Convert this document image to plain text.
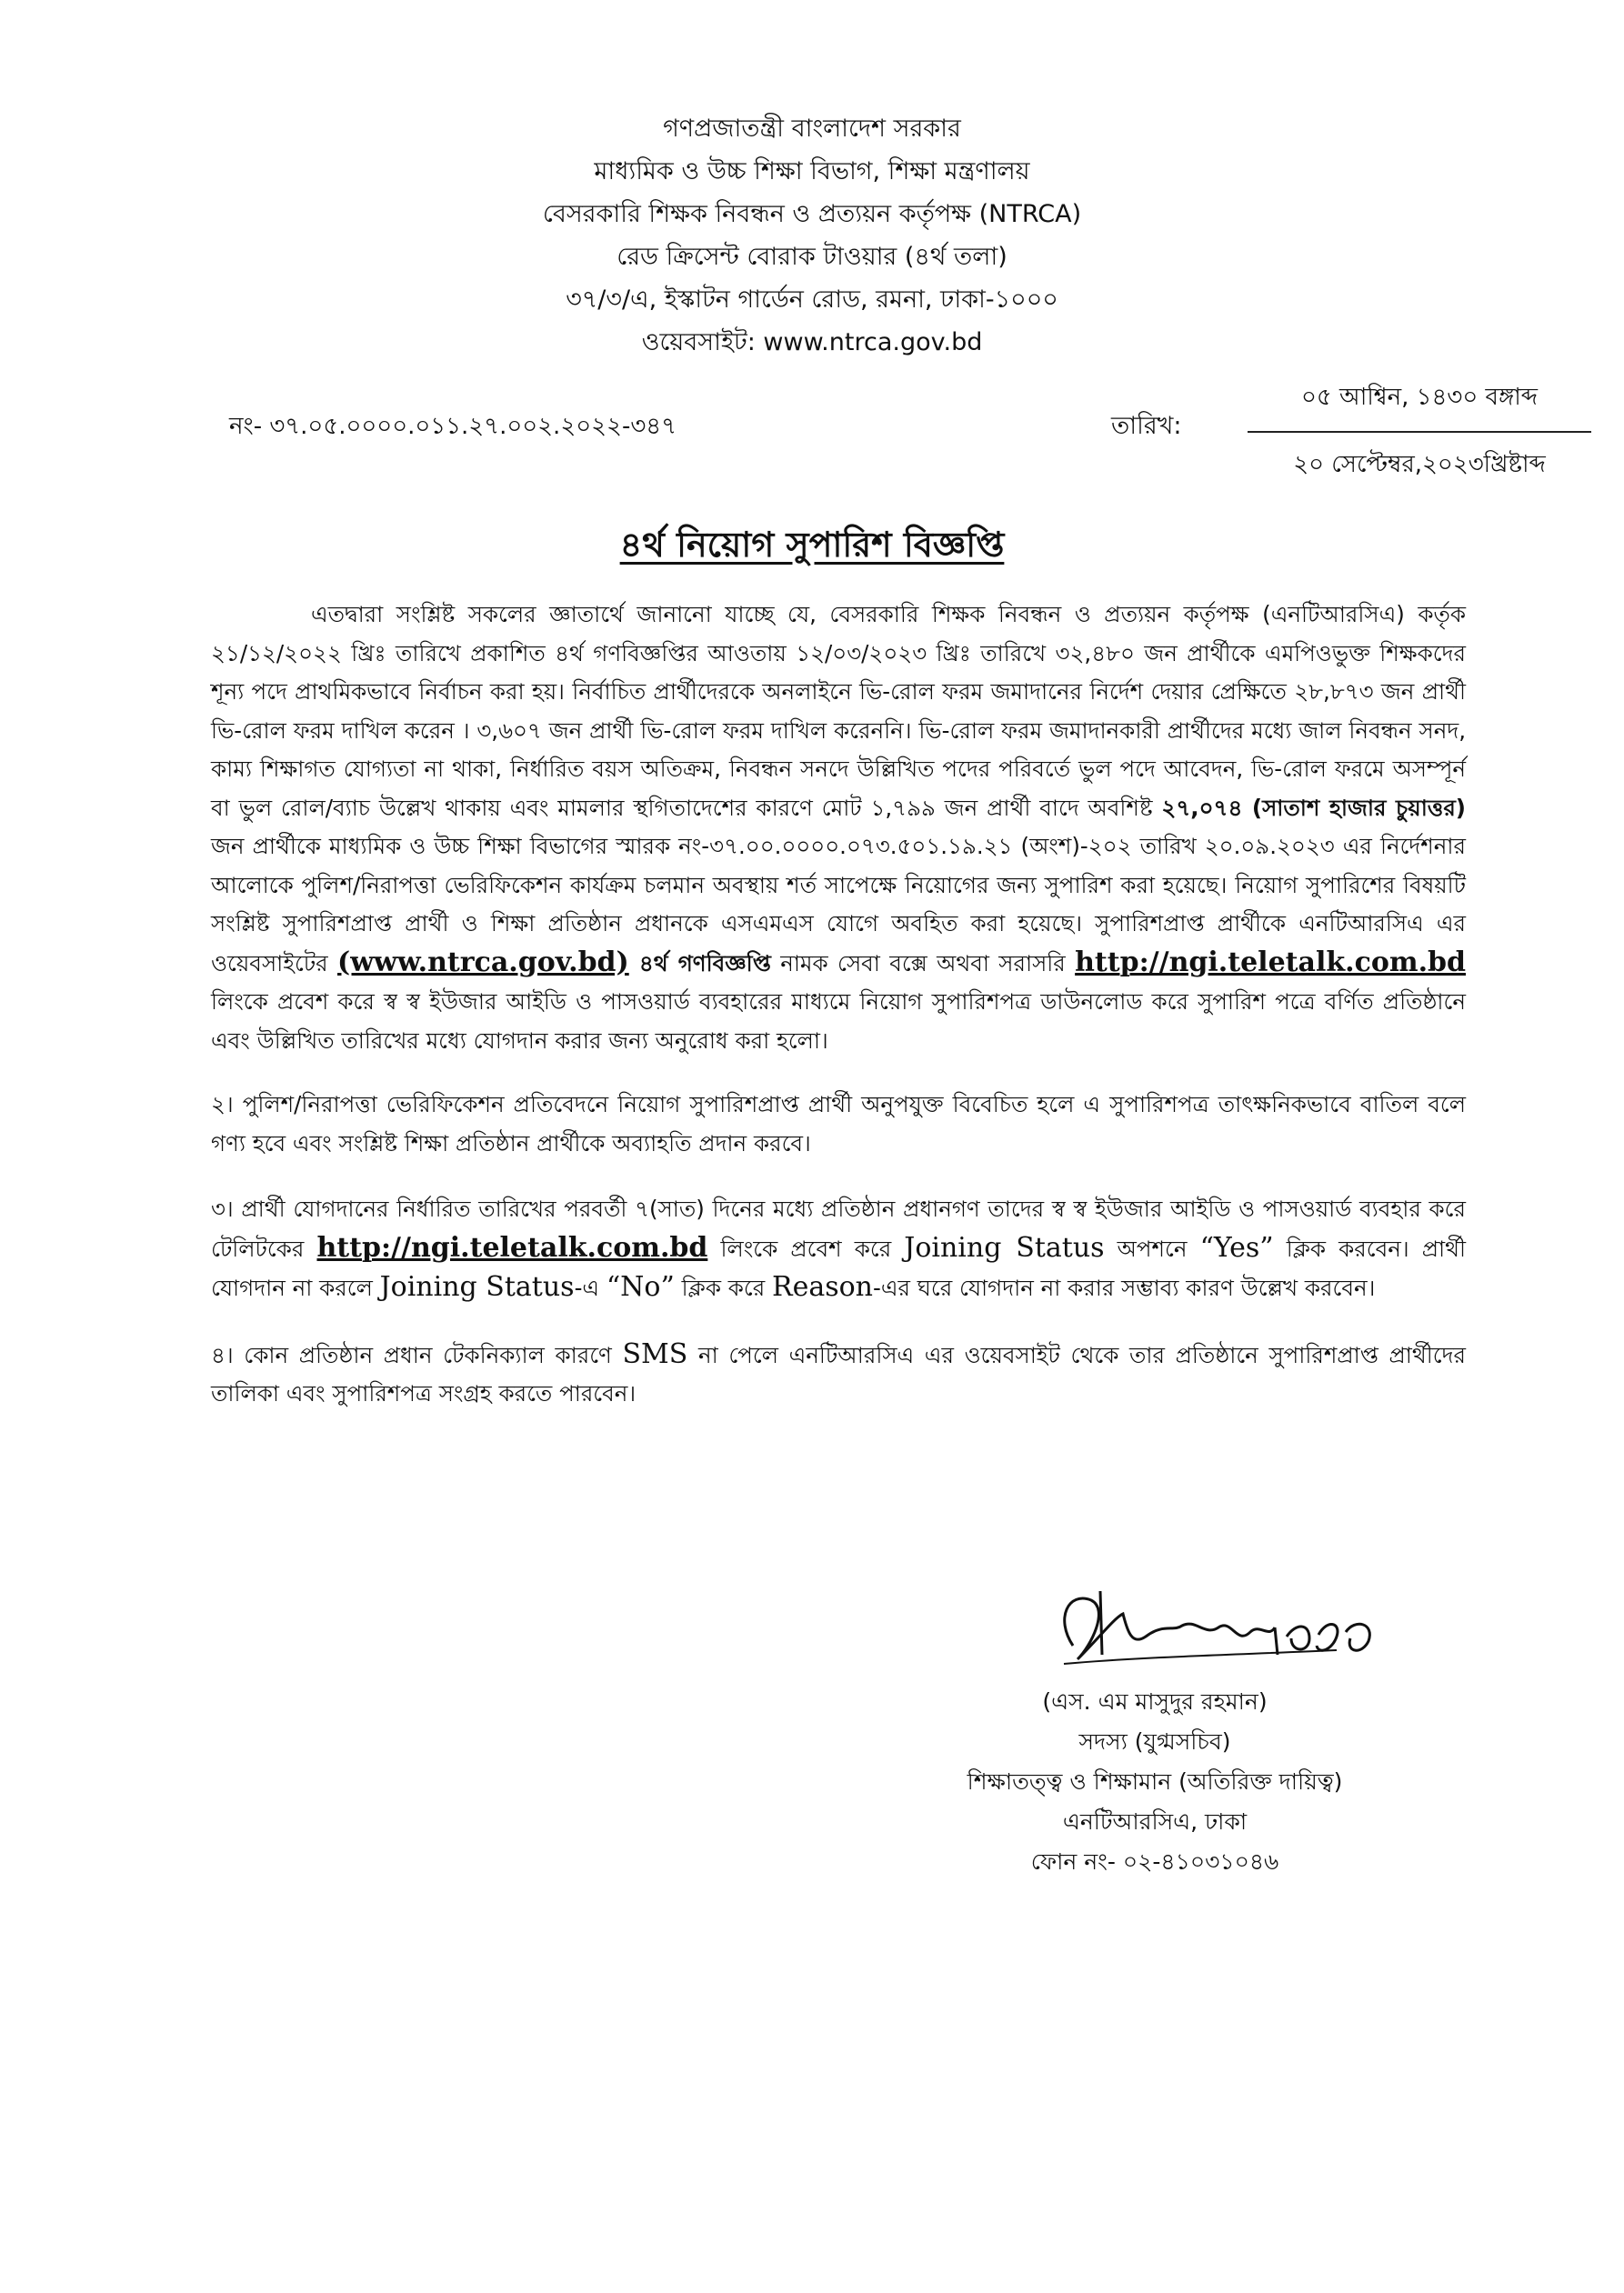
গণপ্রজাতন্ত্রী বাংলাদেশ সরকার
মাধ্যমিক ও উচ্চ শিক্ষা বিভাগ, শিক্ষা মন্ত্রণালয়
বেসরকারি শিক্ষক নিবন্ধন ও প্রত্যয়ন কর্তৃপক্ষ (NTRCA)
রেড ক্রিসেন্ট বোরাক টাওয়ার (৪র্থ তলা)
৩৭/৩/এ, ইস্কাটন গার্ডেন রোড, রমনা, ঢাকা-১০০০
ওয়েবসাইট: www.ntrca.gov.bd
নং- ৩৭.০৫.০০০০.০১১.২৭.০০২.২০২২-৩৪৭	তারিখ:
০৫ আশ্বিন, ১৪৩০ বঙ্গাব্দ
২০ সেপ্টেম্বর,২০২৩খ্রিষ্টাব্দ
৪র্থ নিয়োগ সুপারিশ বিজ্ঞপ্তি

এতদ্বারা সংশ্লিষ্ট সকলের জ্ঞাতার্থে জানানো যাচ্ছে যে, বেসরকারি শিক্ষক নিবন্ধন ও প্রত্যয়ন কর্তৃপক্ষ (এনটিআরসিএ) কর্তৃক ২১/১২/২০২২ খ্রিঃ তারিখে প্রকাশিত ৪র্থ গণবিজ্ঞপ্তির আওতায় ১২/০৩/২০২৩ খ্রিঃ তারিখে ৩২,৪৮০ জন প্রার্থীকে এমপিওভুক্ত শিক্ষকদের শূন্য পদে প্রাথমিকভাবে নির্বাচন করা হয়। নির্বাচিত প্রার্থীদেরকে অনলাইনে ভি-রোল ফরম জমাদানের নির্দেশ দেয়ার প্রেক্ষিতে ২৮,৮৭৩ জন প্রার্থী ভি-রোল ফরম দাখিল করেন । ৩,৬০৭ জন প্রার্থী ভি-রোল ফরম দাখিল করেননি। ভি-রোল ফরম জমাদানকারী প্রার্থীদের মধ্যে জাল নিবন্ধন সনদ, কাম্য শিক্ষাগত যোগ্যতা না থাকা, নির্ধারিত বয়স অতিক্রম, নিবন্ধন সনদে উল্লিখিত পদের পরিবর্তে ভুল পদে আবেদন, ভি-রোল ফরমে অসম্পূর্ন বা ভুল রোল/ব্যাচ উল্লেখ থাকায় এবং মামলার স্থগিতাদেশের কারণে মোট ১,৭৯৯ জন প্রার্থী বাদে অবশিষ্ট ২৭,০৭৪ (সাতাশ হাজার চুয়াত্তর) জন প্রার্থীকে মাধ্যমিক ও উচ্চ শিক্ষা বিভাগের স্মারক নং-৩৭.০০.০০০০.০৭৩.৫০১.১৯.২১ (অংশ)-২০২ তারিখ ২০.০৯.২০২৩ এর নির্দেশনার আলোকে পুলিশ/নিরাপত্তা ভেরিফিকেশন কার্যক্রম চলমান অবস্থায় শর্ত সাপেক্ষে নিয়োগের জন্য সুপারিশ করা হয়েছে। নিয়োগ সুপারিশের বিষয়টি সংশ্লিষ্ট সুপারিশপ্রাপ্ত প্রার্থী ও শিক্ষা প্রতিষ্ঠান প্রধানকে এসএমএস যোগে অবহিত করা হয়েছে। সুপারিশপ্রাপ্ত প্রার্থীকে এনটিআরসিএ এর ওয়েবসাইটের (www.ntrca.gov.bd) ৪র্থ গণবিজ্ঞপ্তি নামক সেবা বক্সে অথবা সরাসরি http://ngi.teletalk.com.bd লিংকে প্রবেশ করে স্ব স্ব ইউজার আইডি ও পাসওয়ার্ড ব্যবহারের মাধ্যমে নিয়োগ সুপারিশপত্র ডাউনলোড করে সুপারিশ পত্রে বর্ণিত প্রতিষ্ঠানে এবং উল্লিখিত তারিখের মধ্যে যোগদান করার জন্য অনুরোধ করা হলো।

২। পুলিশ/নিরাপত্তা ভেরিফিকেশন প্রতিবেদনে নিয়োগ সুপারিশপ্রাপ্ত প্রার্থী অনুপযুক্ত বিবেচিত হলে এ সুপারিশপত্র তাৎক্ষনিকভাবে বাতিল বলে গণ্য হবে এবং সংশ্লিষ্ট শিক্ষা প্রতিষ্ঠান প্রার্থীকে অব্যাহতি প্রদান করবে।

৩। প্রার্থী যোগদানের নির্ধারিত তারিখের পরবর্তী ৭(সাত) দিনের মধ্যে প্রতিষ্ঠান প্রধানগণ তাদের স্ব স্ব ইউজার আইডি ও পাসওয়ার্ড ব্যবহার করে টেলিটকের http://ngi.teletalk.com.bd লিংকে প্রবেশ করে Joining Status অপশনে “Yes” ক্লিক করবেন। প্রার্থী যোগদান না করলে Joining Status-এ “No” ক্লিক করে Reason-এর ঘরে যোগদান না করার সম্ভাব্য কারণ উল্লেখ করবেন।

৪। কোন প্রতিষ্ঠান প্রধান টেকনিক্যাল কারণে SMS না পেলে এনটিআরসিএ এর ওয়েবসাইট থেকে তার প্রতিষ্ঠানে সুপারিশপ্রাপ্ত প্রার্থীদের তালিকা এবং সুপারিশপত্র সংগ্রহ করতে পারবেন।

(এস. এম মাসুদুর রহমান)
সদস্য (যুগ্মসচিব)
শিক্ষাতত্ত্ব ও শিক্ষামান (অতিরিক্ত দায়িত্ব)
এনটিআরসিএ, ঢাকা
ফোন নং- ০২-৪১০৩১০৪৬
